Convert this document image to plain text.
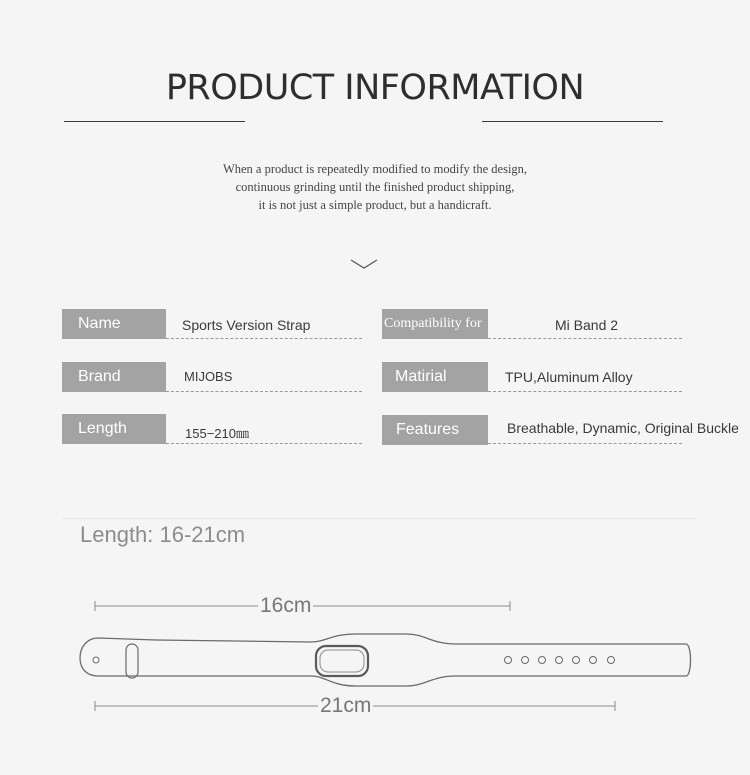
PRODUCT INFORMATION
When a product is repeatedly modified to modify the design,
continuous grinding until the finished product shipping,
it is not just a simple product, but a handicraft.
Name	Sports Version Strap
Brand	MIJOBS
Length	155−210㎜
Compatibility for	Mi Band 2
Matirial	TPU,Aluminum Alloy
Features	Breathable, Dynamic, Original Buckle
Length: 16-21cm
16cm
21cm
